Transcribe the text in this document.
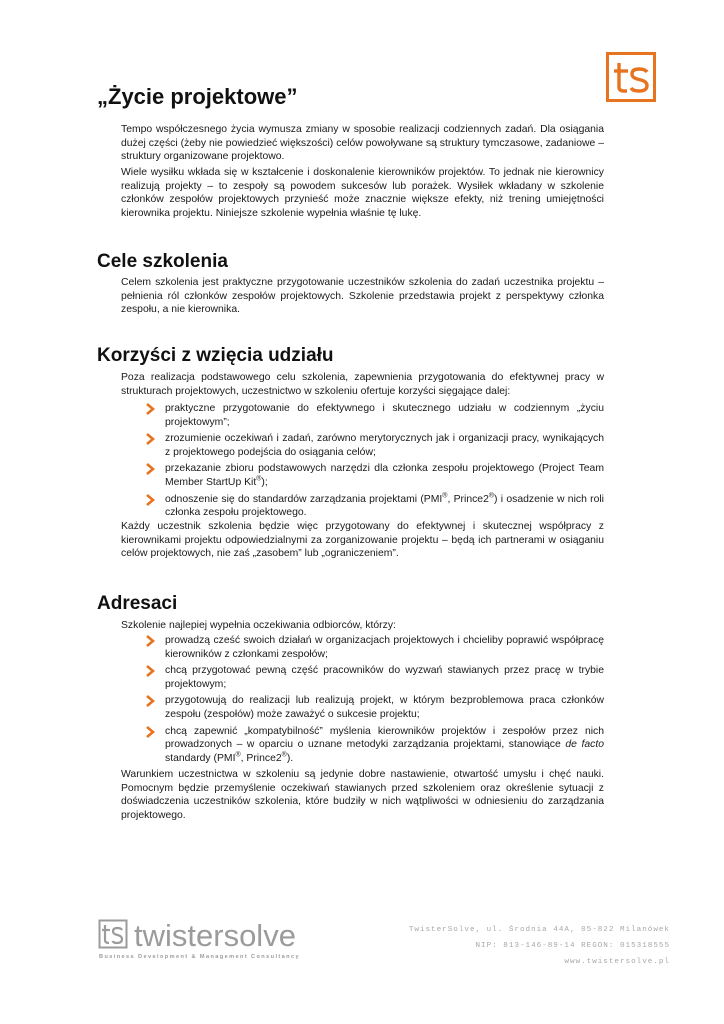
„Życie projektowe”

Tempo współczesnego życia wymusza zmiany w sposobie realizacji codziennych zadań. Dla osiągania dużej części (żeby nie powiedzieć większości) celów powoływane są struktury tymczasowe, zadaniowe – struktury organizowane projektowo.

Wiele wysiłku wkłada się w kształcenie i doskonalenie kierowników projektów. To jednak nie kierownicy realizują projekty – to zespoły są powodem sukcesów lub porażek. Wysiłek wkładany w szkolenie członków zespołów projektowych przynieść może znacznie większe efekty, niż trening umiejętności kierownika projektu. Niniejsze szkolenie wypełnia właśnie tę lukę.

Cele szkolenia

Celem szkolenia jest praktyczne przygotowanie uczestników szkolenia do zadań uczestnika projektu – pełnienia ról członków zespołów projektowych. Szkolenie przedstawia projekt z perspektywy członka zespołu, a nie kierownika.

Korzyści z wzięcia udziału

Poza realizacja podstawowego celu szkolenia, zapewnienia przygotowania do efektywnej pracy w strukturach projektowych, uczestnictwo w szkoleniu ofertuje korzyści sięgające dalej:

praktyczne przygotowanie do efektywnego i skutecznego udziału w codziennym „życiu projektowym”;
zrozumienie oczekiwań i zadań, zarówno merytorycznych jak i organizacji pracy, wynikających z projektowego podejścia do osiągania celów;
przekazanie zbioru podstawowych narzędzi dla członka zespołu projektowego (Project Team Member StartUp Kit®);
odnoszenie się do standardów zarządzania projektami (PMI®, Prince2®) i osadzenie w nich roli członka zespołu projektowego.

Każdy uczestnik szkolenia będzie więc przygotowany do efektywnej i skutecznej współpracy z kierownikami projektu odpowiedzialnymi za zorganizowanie projektu – będą ich partnerami w osiąganiu celów projektowych, nie zaś „zasobem” lub „ograniczeniem”.

Adresaci

Szkolenie najlepiej wypełnia oczekiwania odbiorców, którzy:

prowadzą cześć swoich działań w organizacjach projektowych i chcieliby poprawić współpracę kierowników z członkami zespołów;
chcą przygotować pewną część pracowników do wyzwań stawianych przez pracę w trybie projektowym;
przygotowują do realizacji lub realizują projekt, w którym bezproblemowa praca członków zespołu (zespołów) może zaważyć o sukcesie projektu;
chcą zapewnić „kompatybilność” myślenia kierowników projektów i zespołów przez nich prowadzonych – w oparciu o uznane metodyki zarządzania projektami, stanowiące de facto standardy (PMI®, Prince2®).

Warunkiem uczestnictwa w szkoleniu są jedynie dobre nastawienie, otwartość umysłu i chęć nauki. Pomocnym będzie przemyślenie oczekiwań stawianych przed szkoleniem oraz określenie sytuacji z doświadczenia uczestników szkolenia, które budziły w nich wątpliwości w odniesieniu do zarządzania projektowego.

twistersolve
Business Development & Management Consultancy
TwisterSolve, ul. Środnia 44A, 05-822 Milanówek
NIP: 813-146-89-14 REGON: 015318555
www.twistersolve.pl
